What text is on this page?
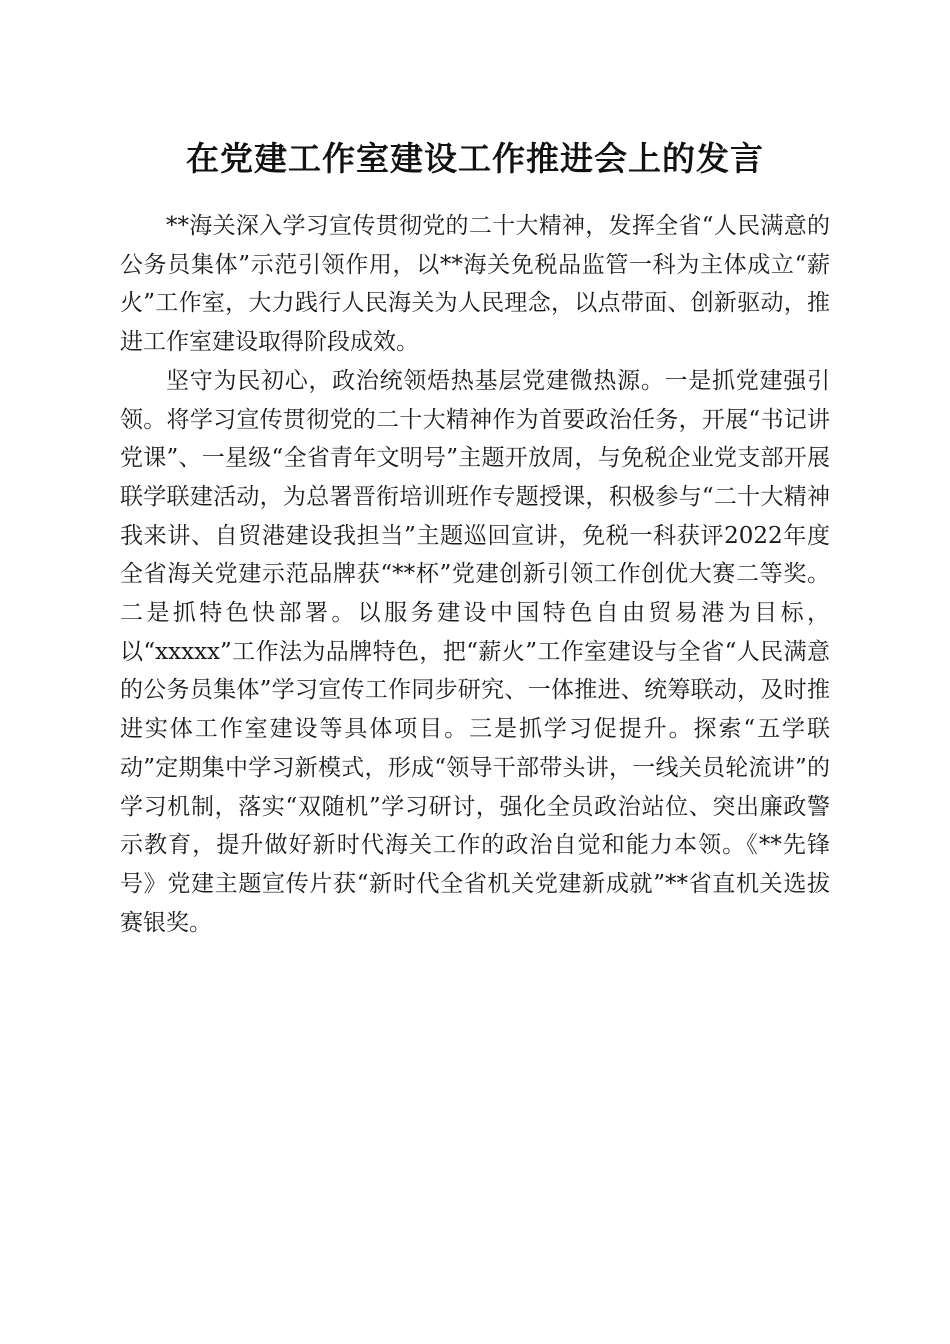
在党建工作室建设工作推进会上的发言

**海关深入学习宣传贯彻党的二十大精神，发挥全省“人民满意的公务员集体”示范引领作用，以**海关免税品监管一科为主体成立“薪火”工作室，大力践行人民海关为人民理念，以点带面、创新驱动，推进工作室建设取得阶段成效。

坚守为民初心，政治统领焐热基层党建微热源。一是抓党建强引领。将学习宣传贯彻党的二十大精神作为首要政治任务，开展“书记讲党课”、一星级“全省青年文明号”主题开放周，与免税企业党支部开展联学联建活动，为总署晋衔培训班作专题授课，积极参与“二十大精神我来讲、自贸港建设我担当”主题巡回宣讲，免税一科获评2022年度全省海关党建示范品牌获“**杯”党建创新引领工作创优大赛二等奖。二是抓特色快部署。以服务建设中国特色自由贸易港为目标，以“xxxxx”工作法为品牌特色，把“薪火”工作室建设与全省“人民满意的公务员集体”学习宣传工作同步研究、一体推进、统筹联动，及时推进实体工作室建设等具体项目。三是抓学习促提升。探索“五学联动”定期集中学习新模式，形成“领导干部带头讲，一线关员轮流讲”的学习机制，落实“双随机”学习研讨，强化全员政治站位、突出廉政警示教育，提升做好新时代海关工作的政治自觉和能力本领。《**先锋号》党建主题宣传片获“新时代全省机关党建新成就”**省直机关选拔赛银奖。
